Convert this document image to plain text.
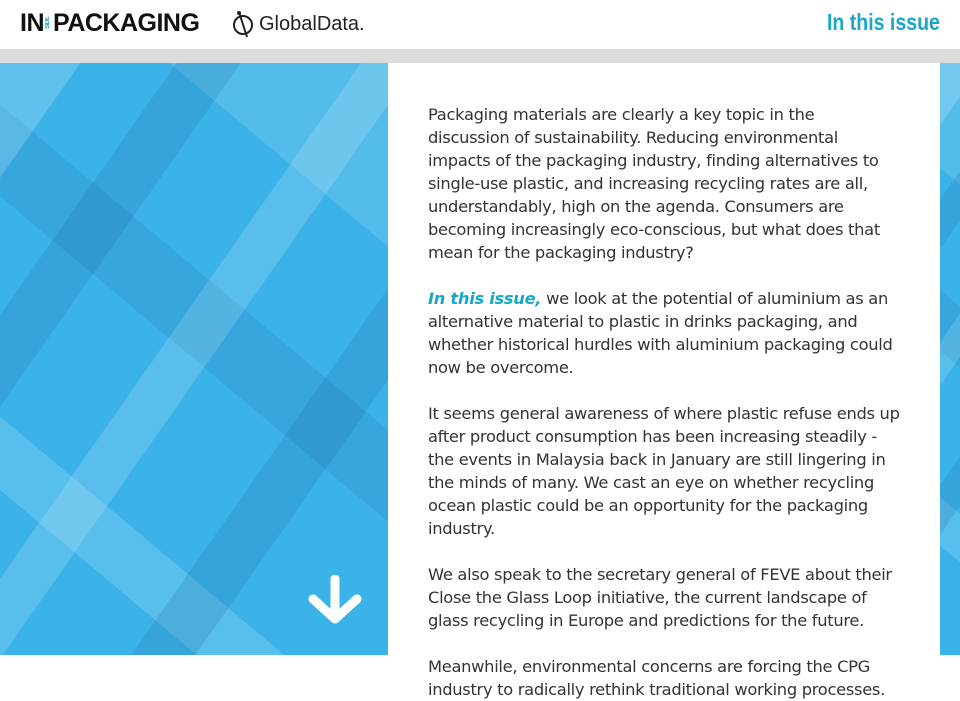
IN SIDE PACKAGING	GlobalData.	In this issue

Packaging materials are clearly a key topic in the discussion of sustainability. Reducing environmental impacts of the packaging industry, finding alternatives to single-use plastic, and increasing recycling rates are all, understandably, high on the agenda. Consumers are becoming increasingly eco-conscious, but what does that mean for the packaging industry?

In this issue, we look at the potential of aluminium as an alternative material to plastic in drinks packaging, and whether historical hurdles with aluminium packaging could now be overcome.

It seems general awareness of where plastic refuse ends up after product consumption has been increasing steadily - the events in Malaysia back in January are still lingering in the minds of many. We cast an eye on whether recycling ocean plastic could be an opportunity for the packaging industry.

We also speak to the secretary general of FEVE about their Close the Glass Loop initiative, the current landscape of glass recycling in Europe and predictions for the future.

Meanwhile, environmental concerns are forcing the CPG industry to radically rethink traditional working processes.
